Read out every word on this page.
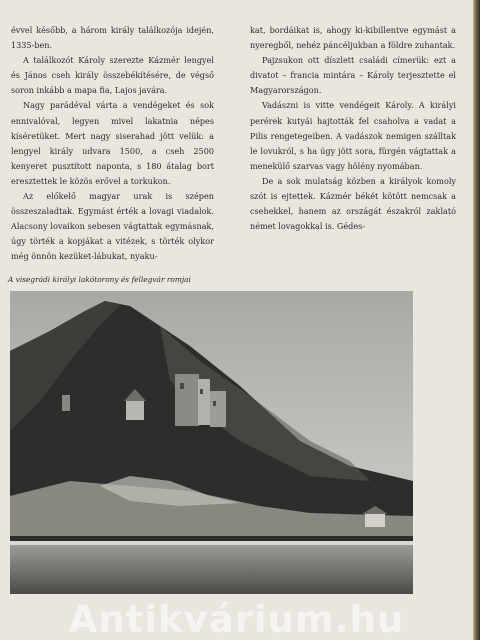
évvel később, a három király találkozója idején, 1335-ben.

A találkozót Károly szerezte Kázmér lengyel és János cseh király összebékítésére, de végső soron inkább a mapa fia, Lajos javára.

Nagy parádéval várta a vendégeket és sok ennivalóval, legyen mivel lakatnia népes kíséretüket. Mert nagy siserahad jött velük: a lengyel király udvara 1500, a cseh 2500 kenyeret pusztított naponta, s 180 átalag bort eresztettek le közös erővel a torkukon.

Az előkelő magyar urak is szépen összeszaladtak. Egymást érték a lovagi viadalok. Alacsony lovaikon sebesen vágtattak egymásnak, úgy törték a kopjákat a vitézek, s törték olykor még önnön kezüket-lábukat, nyaku-

kat, bordáikat is, ahogy ki-kibillentve egymást a nyeregből, nehéz páncéljukban a földre zuhantak.

Pajzsukon ott díszlett családi címerük: ezt a divatot – francia mintára – Károly terjesztette el Magyarországon.

Vadászni is vitte vendégeit Károly. A királyi perérek kutyái hajtották fel csaholva a vadat a Pilis rengetegeiben. A vadászok nemigen szálltak le lovukról, s ha úgy jött sora, fürgén vágtattak a menekülő szarvas vagy hölény nyomában.

De a sok mulatság közben a királyok komoly szót is ejtettek. Kázmér békét kötött nemcsak a csehekkel, hanem az országát északról zaklató német lovagokkal is. Gédes-

A visegrádi királyi lakótorony és fellegvár romjai
Antikvárium.hu
